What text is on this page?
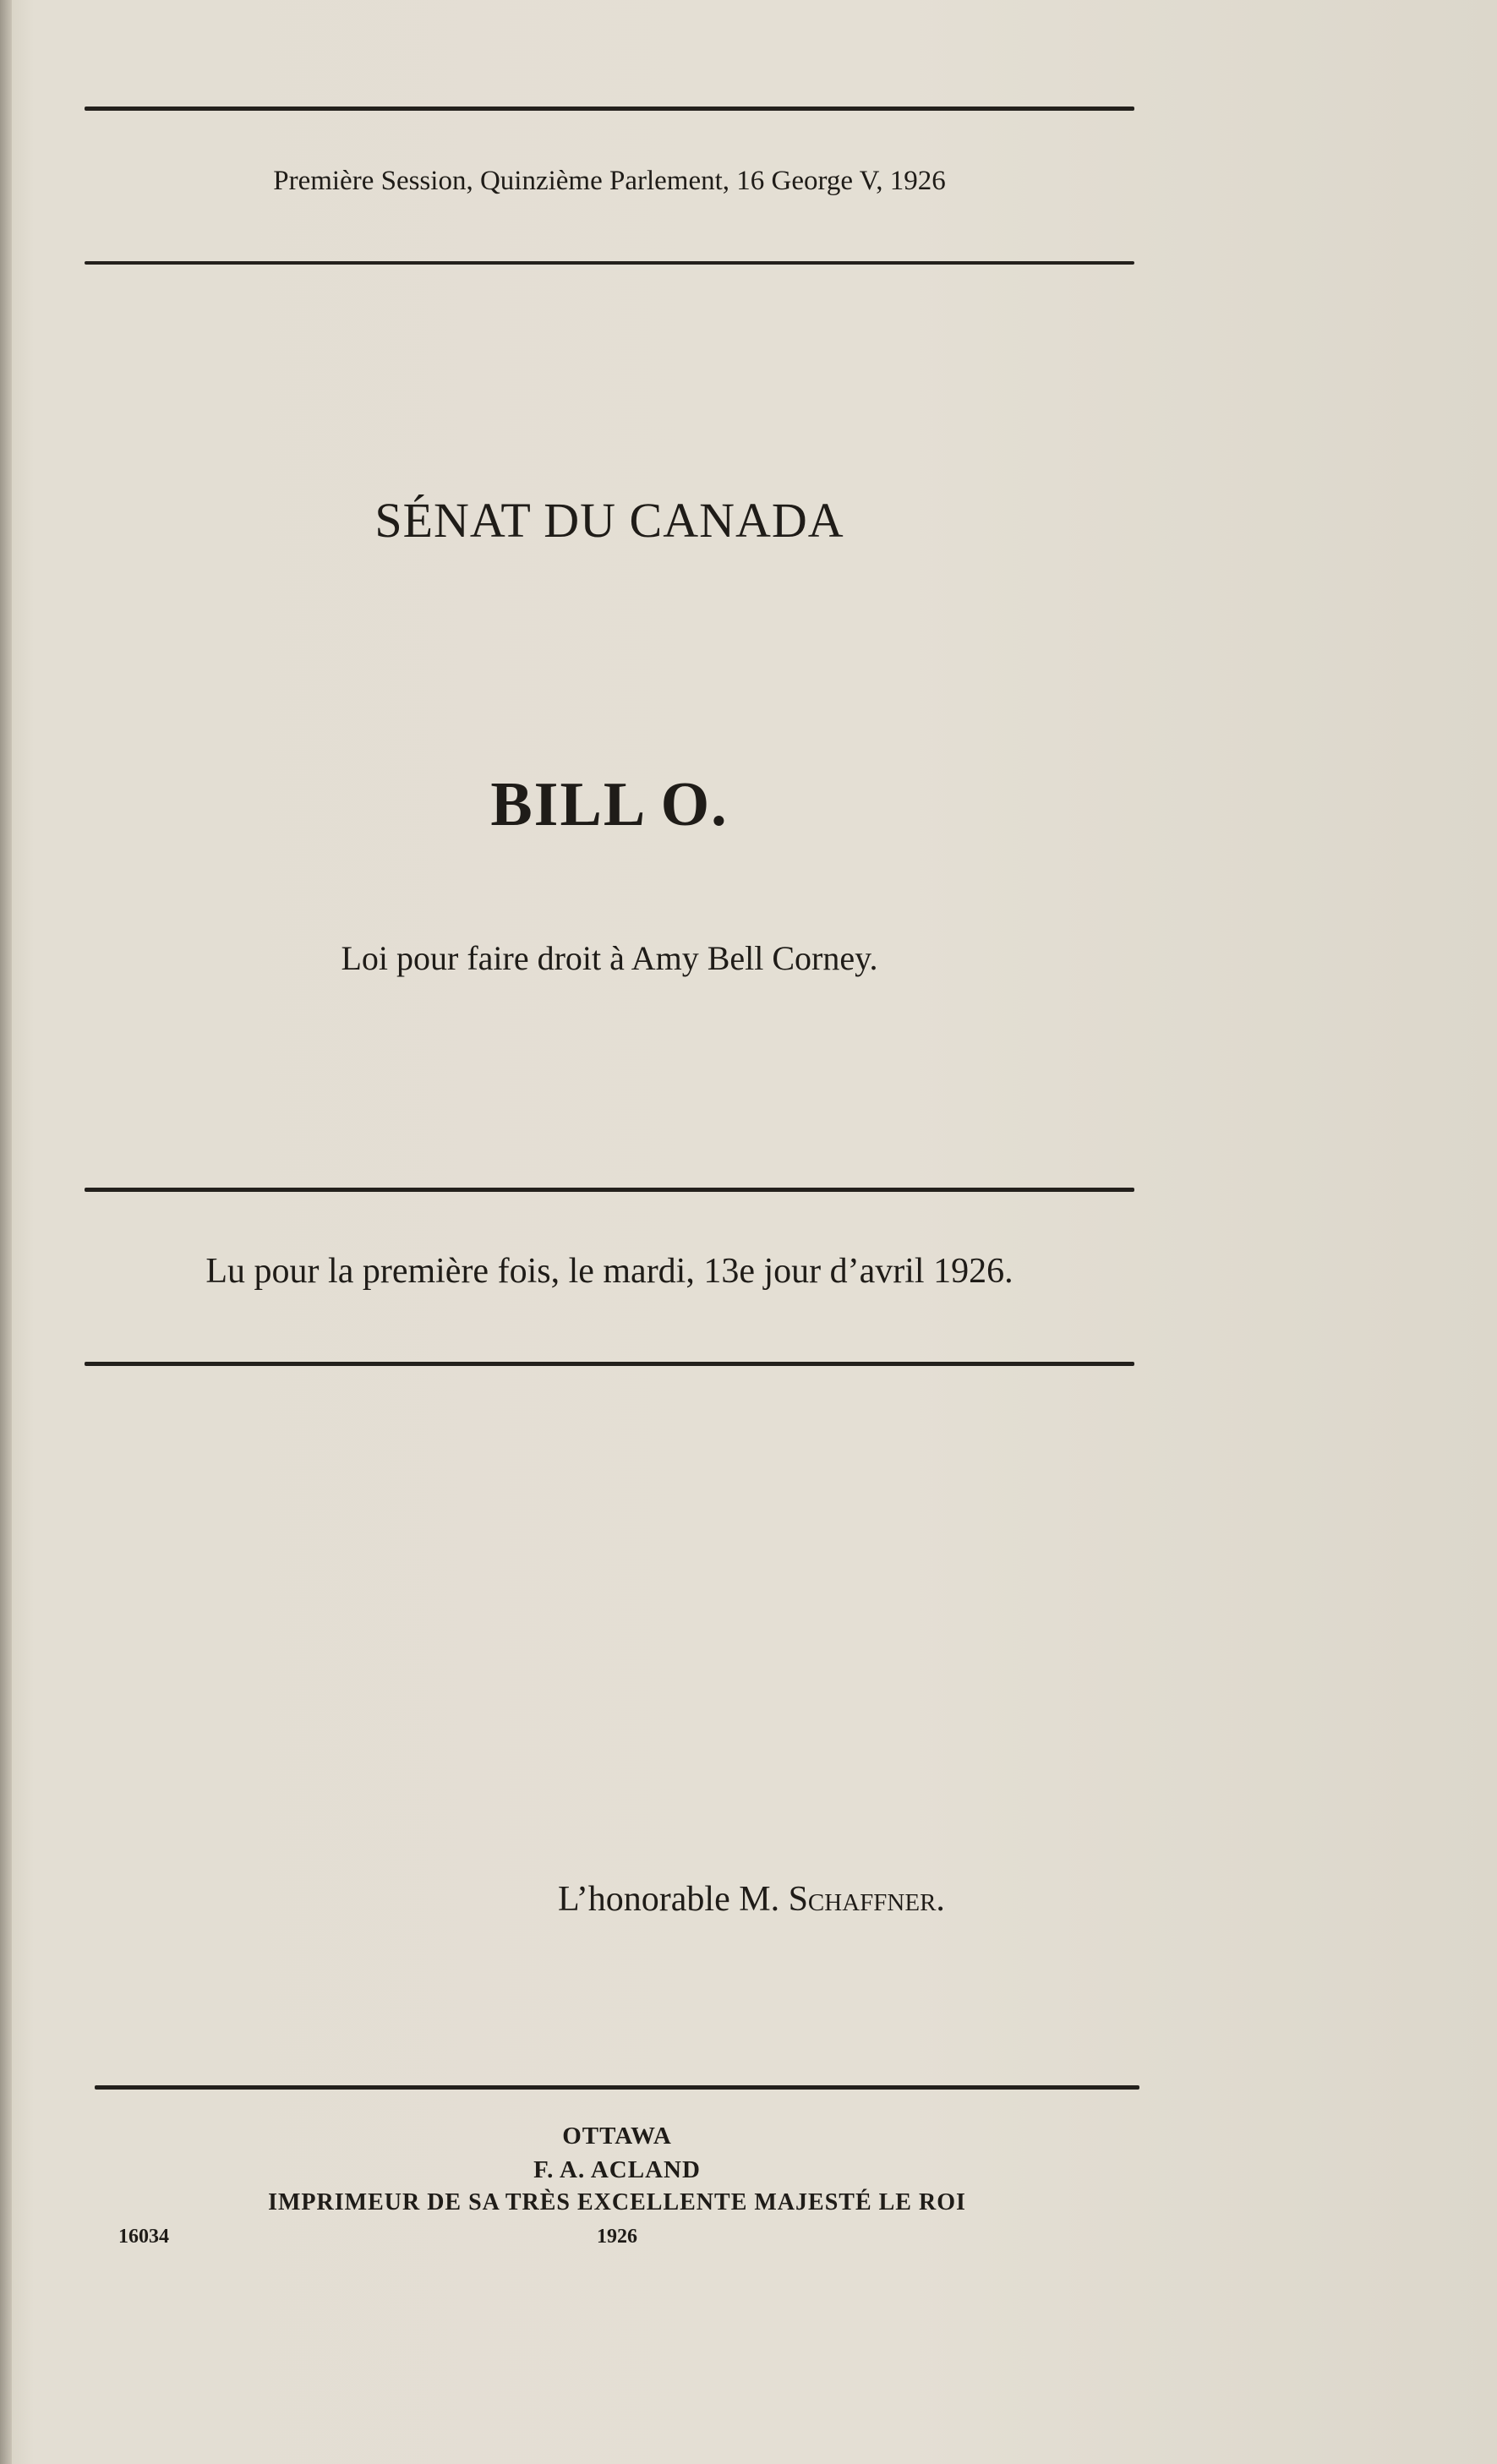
Première Session, Quinzième Parlement, 16 George V, 1926
SÉNAT DU CANADA
BILL O.
Loi pour faire droit à Amy Bell Corney.
Lu pour la première fois, le mardi, 13e jour d’avril 1926.
L’honorable M. Schaffner.
OTTAWA
F. A. ACLAND
IMPRIMEUR DE SA TRÈS EXCELLENTE MAJESTÉ LE ROI
1926
16034
